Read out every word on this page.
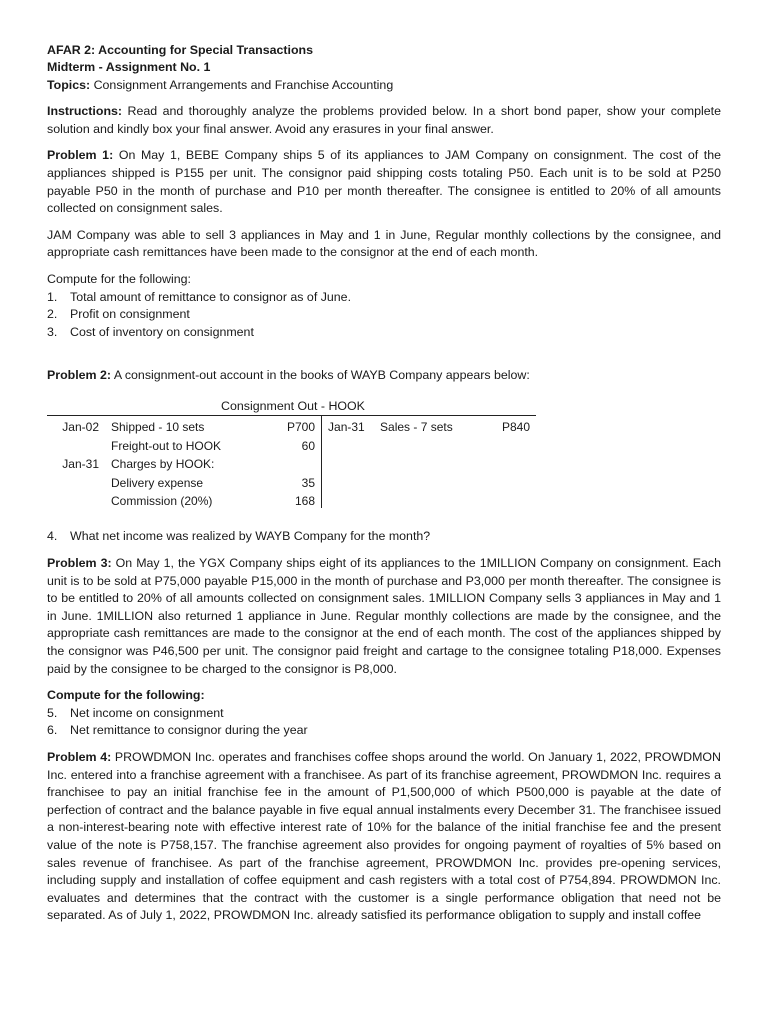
AFAR 2: Accounting for Special Transactions

Midterm - Assignment No. 1

Topics: Consignment Arrangements and Franchise Accounting

Instructions: Read and thoroughly analyze the problems provided below. In a short bond paper, show your complete solution and kindly box your final answer. Avoid any erasures in your final answer.

Problem 1: On May 1, BEBE Company ships 5 of its appliances to JAM Company on consignment. The cost of the appliances shipped is P155 per unit. The consignor paid shipping costs totaling P50. Each unit is to be sold at P250 payable P50 in the month of purchase and P10 per month thereafter. The consignee is entitled to 20% of all amounts collected on consignment sales.

JAM Company was able to sell 3 appliances in May and 1 in June, Regular monthly collections by the consignee, and appropriate cash remittances have been made to the consignor at the end of each month.

Compute for the following:

1.	Total amount of remittance to consignor as of June.
2.	Profit on consignment
3.	Cost of inventory on consignment

Problem 2: A consignment-out account in the books of WAYB Company appears below:

Consignment Out - HOOK
Jan-02	Shipped - 10 sets	P700	Jan-31	Sales - 7 sets	P840
	Freight-out to HOOK	60			
Jan-31	Charges by HOOK:				
	Delivery expense	35			
	Commission (20%)	168			
4.	What net income was realized by WAYB Company for the month?

Problem 3: On May 1, the YGX Company ships eight of its appliances to the 1MILLION Company on consignment. Each unit is to be sold at P75,000 payable P15,000 in the month of purchase and P3,000 per month thereafter. The consignee is to be entitled to 20% of all amounts collected on consignment sales. 1MILLION Company sells 3 appliances in May and 1 in June. 1MILLION also returned 1 appliance in June. Regular monthly collections are made by the consignee, and the appropriate cash remittances are made to the consignor at the end of each month. The cost of the appliances shipped by the consignor was P46,500 per unit. The consignor paid freight and cartage to the consignee totaling P18,000. Expenses paid by the consignee to be charged to the consignor is P8,000.

Compute for the following:

5.	Net income on consignment
6.	Net remittance to consignor during the year

Problem 4: PROWDMON Inc. operates and franchises coffee shops around the world. On January 1, 2022, PROWDMON Inc. entered into a franchise agreement with a franchisee. As part of its franchise agreement, PROWDMON Inc. requires a franchisee to pay an initial franchise fee in the amount of P1,500,000 of which P500,000 is payable at the date of perfection of contract and the balance payable in five equal annual instalments every December 31. The franchisee issued a non-interest-bearing note with effective interest rate of 10% for the balance of the initial franchise fee and the present value of the note is P758,157. The franchise agreement also provides for ongoing payment of royalties of 5% based on sales revenue of franchisee. As part of the franchise agreement, PROWDMON Inc. provides pre-opening services, including supply and installation of coffee equipment and cash registers with a total cost of P754,894. PROWDMON Inc. evaluates and determines that the contract with the customer is a single performance obligation that need not be separated. As of July 1, 2022, PROWDMON Inc. already satisfied its performance obligation to supply and install coffee
